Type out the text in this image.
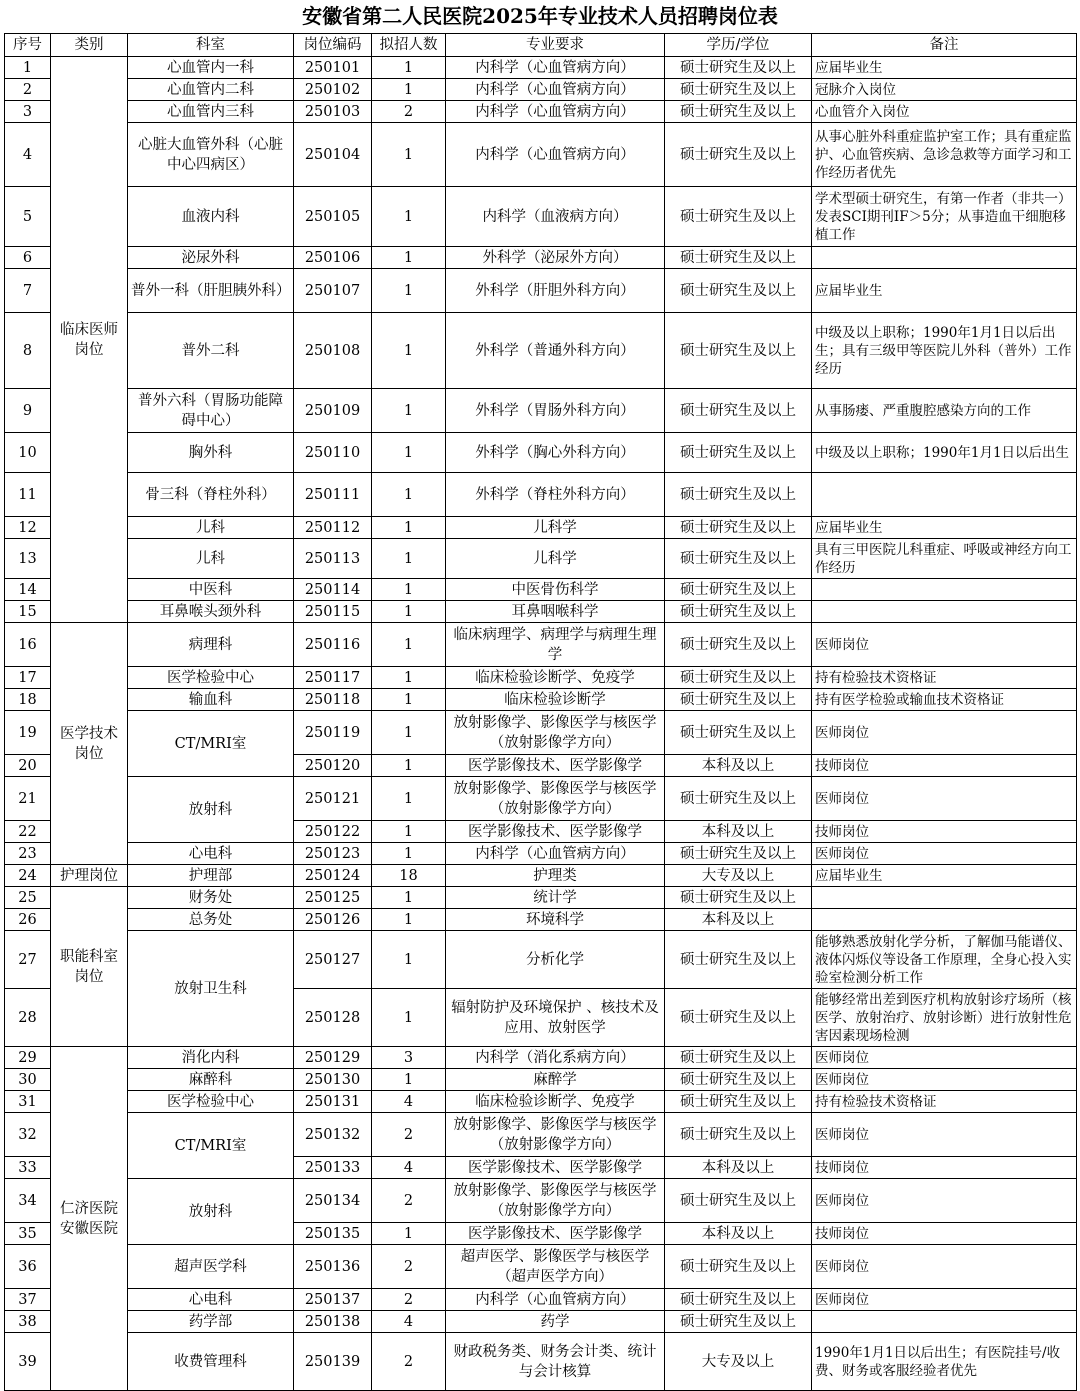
安徽省第二人民医院2025年专业技术人员招聘岗位表
序号	类别	科室	岗位编码	拟招人数	专业要求	学历/学位	备注
1	临床医师岗位	心血管内一科	250101	1	内科学（心血管病方向）	硕士研究生及以上	应届毕业生
2		心血管内二科	250102	1	内科学（心血管病方向）	硕士研究生及以上	冠脉介入岗位
3		心血管内三科	250103	2	内科学（心血管病方向）	硕士研究生及以上	心血管介入岗位
4		心脏大血管外科（心脏中心四病区）	250104	1	内科学（心血管病方向）	硕士研究生及以上	从事心脏外科重症监护室工作；具有重症监护、心血管疾病、急诊急救等方面学习和工作经历者优先
5		血液内科	250105	1	内科学（血液病方向）	硕士研究生及以上	学术型硕士研究生，有第一作者（非共一）发表SCI期刊IF＞5分；从事造血干细胞移植工作
6		泌尿外科	250106	1	外科学（泌尿外方向）	硕士研究生及以上	
7		普外一科（肝胆胰外科）	250107	1	外科学（肝胆外科方向）	硕士研究生及以上	应届毕业生
8		普外二科	250108	1	外科学（普通外科方向）	硕士研究生及以上	中级及以上职称；1990年1月1日以后出生；具有三级甲等医院儿外科（普外）工作经历
9		普外六科（胃肠功能障碍中心）	250109	1	外科学（胃肠外科方向）	硕士研究生及以上	从事肠瘘、严重腹腔感染方向的工作
10		胸外科	250110	1	外科学（胸心外科方向）	硕士研究生及以上	中级及以上职称；1990年1月1日以后出生
11		骨三科（脊柱外科）	250111	1	外科学（脊柱外科方向）	硕士研究生及以上	
12		儿科	250112	1	儿科学	硕士研究生及以上	应届毕业生
13		儿科	250113	1	儿科学	硕士研究生及以上	具有三甲医院儿科重症、呼吸或神经方向工作经历
14		中医科	250114	1	中医骨伤科学	硕士研究生及以上	
15		耳鼻喉头颈外科	250115	1	耳鼻咽喉科学	硕士研究生及以上	
16	医学技术岗位	病理科	250116	1	临床病理学、病理学与病理生理学	硕士研究生及以上	医师岗位
17		医学检验中心	250117	1	临床检验诊断学、免疫学	硕士研究生及以上	持有检验技术资格证
18		输血科	250118	1	临床检验诊断学	硕士研究生及以上	持有医学检验或输血技术资格证
19		CT/MRI室	250119	1	放射影像学、影像医学与核医学（放射影像学方向）	硕士研究生及以上	医师岗位
20			250120	1	医学影像技术、医学影像学	本科及以上	技师岗位
21		放射科	250121	1	放射影像学、影像医学与核医学（放射影像学方向）	硕士研究生及以上	医师岗位
22			250122	1	医学影像技术、医学影像学	本科及以上	技师岗位
23		心电科	250123	1	内科学（心血管病方向）	硕士研究生及以上	医师岗位
24	护理岗位	护理部	250124	18	护理类	大专及以上	应届毕业生
25	职能科室岗位	财务处	250125	1	统计学	硕士研究生及以上	
26		总务处	250126	1	环境科学	本科及以上	
27		放射卫生科	250127	1	分析化学	硕士研究生及以上	能够熟悉放射化学分析，了解伽马能谱仪、液体闪烁仪等设备工作原理，全身心投入实验室检测分析工作
28			250128	1	辐射防护及环境保护 、核技术及应用、放射医学	硕士研究生及以上	能够经常出差到医疗机构放射诊疗场所（核医学、放射治疗、放射诊断）进行放射性危害因素现场检测
29	仁济医院安徽医院	消化内科	250129	3	内科学（消化系病方向）	硕士研究生及以上	医师岗位
30		麻醉科	250130	1	麻醉学	硕士研究生及以上	医师岗位
31		医学检验中心	250131	4	临床检验诊断学、免疫学	硕士研究生及以上	持有检验技术资格证
32		CT/MRI室	250132	2	放射影像学、影像医学与核医学（放射影像学方向）	硕士研究生及以上	医师岗位
33			250133	4	医学影像技术、医学影像学	本科及以上	技师岗位
34		放射科	250134	2	放射影像学、影像医学与核医学（放射影像学方向）	硕士研究生及以上	医师岗位
35			250135	1	医学影像技术、医学影像学	本科及以上	技师岗位
36		超声医学科	250136	2	超声医学、影像医学与核医学（超声医学方向）	硕士研究生及以上	医师岗位
37		心电科	250137	2	内科学（心血管病方向）	硕士研究生及以上	医师岗位
38		药学部	250138	4	药学	硕士研究生及以上	
39		收费管理科	250139	2	财政税务类、财务会计类、统计与会计核算	大专及以上	1990年1月1日以后出生；有医院挂号/收费、财务或客服经验者优先
